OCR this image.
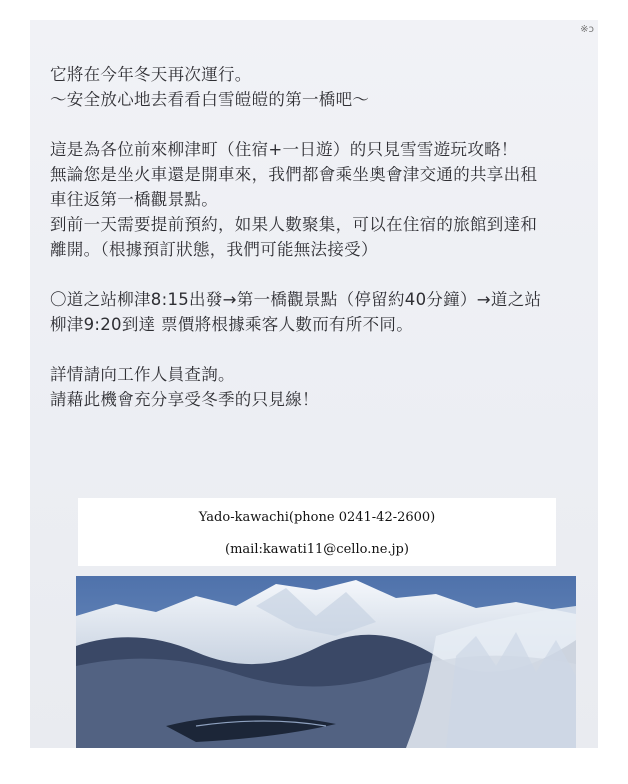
※ↄ

它將在今年冬天再次運行。

～安全放心地去看看白雪皚皚的第一橋吧～

這是為各位前來柳津町（住宿+一日遊）的只見雪雪遊玩攻略！

無論您是坐火車還是開車來，我們都會乘坐奧會津交通的共享出租

車往返第一橋觀景點。

到前一天需要提前預約，如果人數聚集，可以在住宿的旅館到達和

離開。（根據預訂狀態，我們可能無法接受）

〇道之站柳津8:15出發→第一橋觀景點（停留約40分鐘）→道之站

柳津9:20到達 票價將根據乘客人數而有所不同。

詳情請向工作人員查詢。

請藉此機會充分享受冬季的只見線！

Yado-kawachi(phone 0241-42-2600)
(mail:kawati11@cello.ne.jp)
